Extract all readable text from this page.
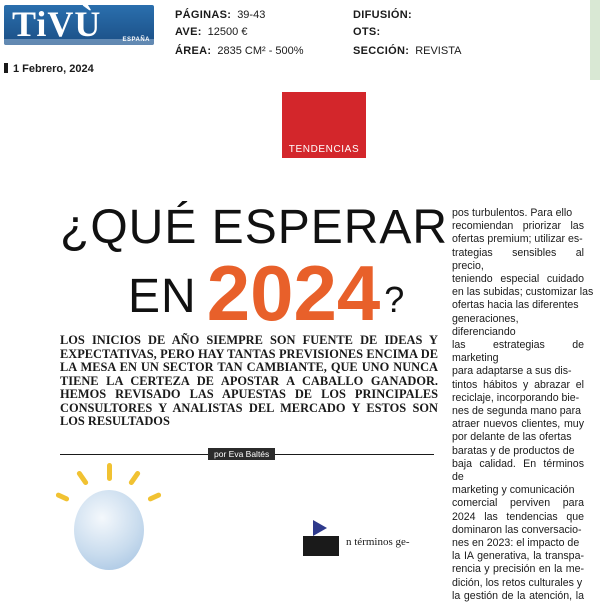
TiVÙ	ESPAÑA
PÁGINAS: 39-43
AVE: 12500 €
ÁREA: 2835 CM² - 500%
DIFUSIÓN:
OTS:
SECCIÓN: REVISTA
1 Febrero, 2024
TENDENCIAS
¿QUÉ ESPERAR
EN 2024 ?
LOS INICIOS DE AÑO SIEMPRE SON FUENTE DE IDEAS Y EXPECTATIVAS, PERO HAY TANTAS PREVISIONES ENCIMA DE LA MESA EN UN SECTOR TAN CAMBIANTE, QUE UNO NUNCA TIENE LA CERTEZA DE APOSTAR A CABALLO GANADOR. HEMOS REVISADO LAS APUESTAS DE LOS PRINCIPALES CONSULTORES Y ANALISTAS DEL MERCADO Y ESTOS SON LOS RESULTADOS
por Eva Baltés
n términos ge-
pos turbulentos. Para ello
recomiendan priorizar las
ofertas premium; utilizar es-
trategias sensibles al precio,
teniendo especial cuidado
en las subidas; customizar las
ofertas hacia las diferentes
generaciones, diferenciando
las estrategias de marketing
para adaptarse a sus dis-
tintos hábitos y abrazar el
reciclaje, incorporando bie-
nes de segunda mano para
atraer nuevos clientes, muy
por delante de las ofertas
baratas y de productos de
baja calidad. En términos de
marketing y comunicación
comercial perviven para
2024 las tendencias que
dominaron las conversacio-
nes en 2023: el impacto de
la IA generativa, la transpa-
rencia y precisión en la me-
dición, los retos culturales y
la gestión de la atención, la
